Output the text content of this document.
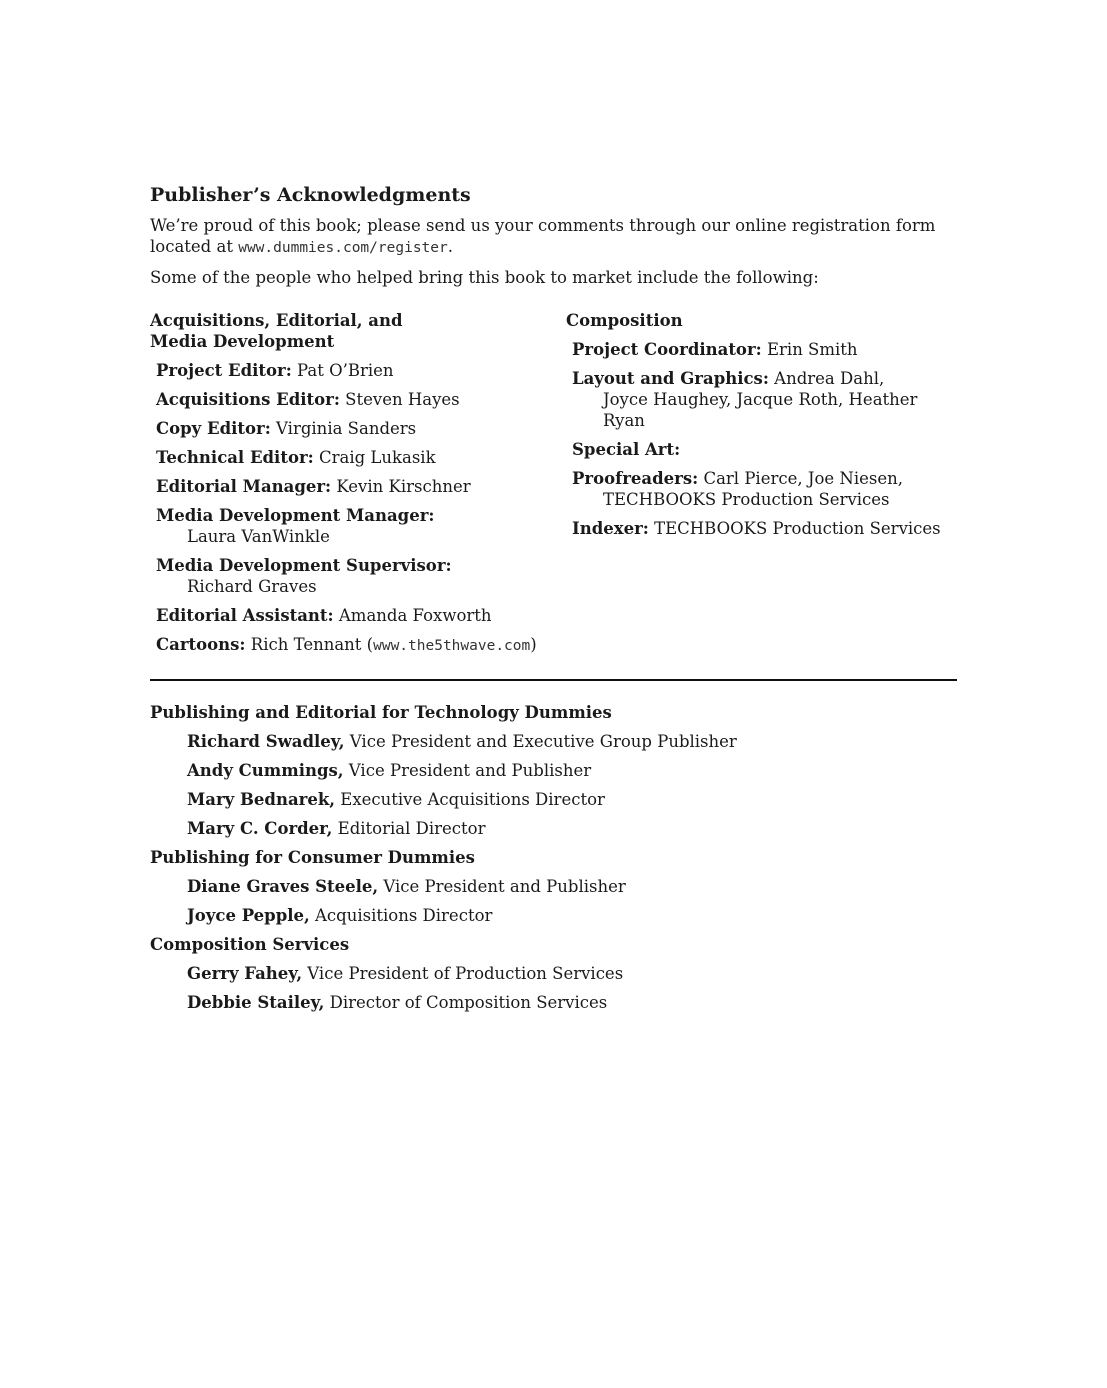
Publisher’s Acknowledgments

We’re proud of this book; please send us your comments through our online registration form
located at www.dummies.com/register.

Some of the people who helped bring this book to market include the following:

Acquisitions, Editorial, and
Media Development
Project Editor: Pat O’Brien
Acquisitions Editor: Steven Hayes
Copy Editor: Virginia Sanders
Technical Editor: Craig Lukasik
Editorial Manager: Kevin Kirschner
Media Development Manager:
Laura VanWinkle
Media Development Supervisor:
Richard Graves
Editorial Assistant: Amanda Foxworth
Cartoons: Rich Tennant (www.the5thwave.com)
Composition
Project Coordinator: Erin Smith
Layout and Graphics: Andrea Dahl,
Joyce Haughey, Jacque Roth, Heather Ryan
Special Art:
Proofreaders: Carl Pierce, Joe Niesen,
TECHBOOKS Production Services
Indexer: TECHBOOKS Production Services
Publishing and Editorial for Technology Dummies
Richard Swadley, Vice President and Executive Group Publisher
Andy Cummings, Vice President and Publisher
Mary Bednarek, Executive Acquisitions Director
Mary C. Corder, Editorial Director
Publishing for Consumer Dummies
Diane Graves Steele, Vice President and Publisher
Joyce Pepple, Acquisitions Director
Composition Services
Gerry Fahey, Vice President of Production Services
Debbie Stailey, Director of Composition Services
